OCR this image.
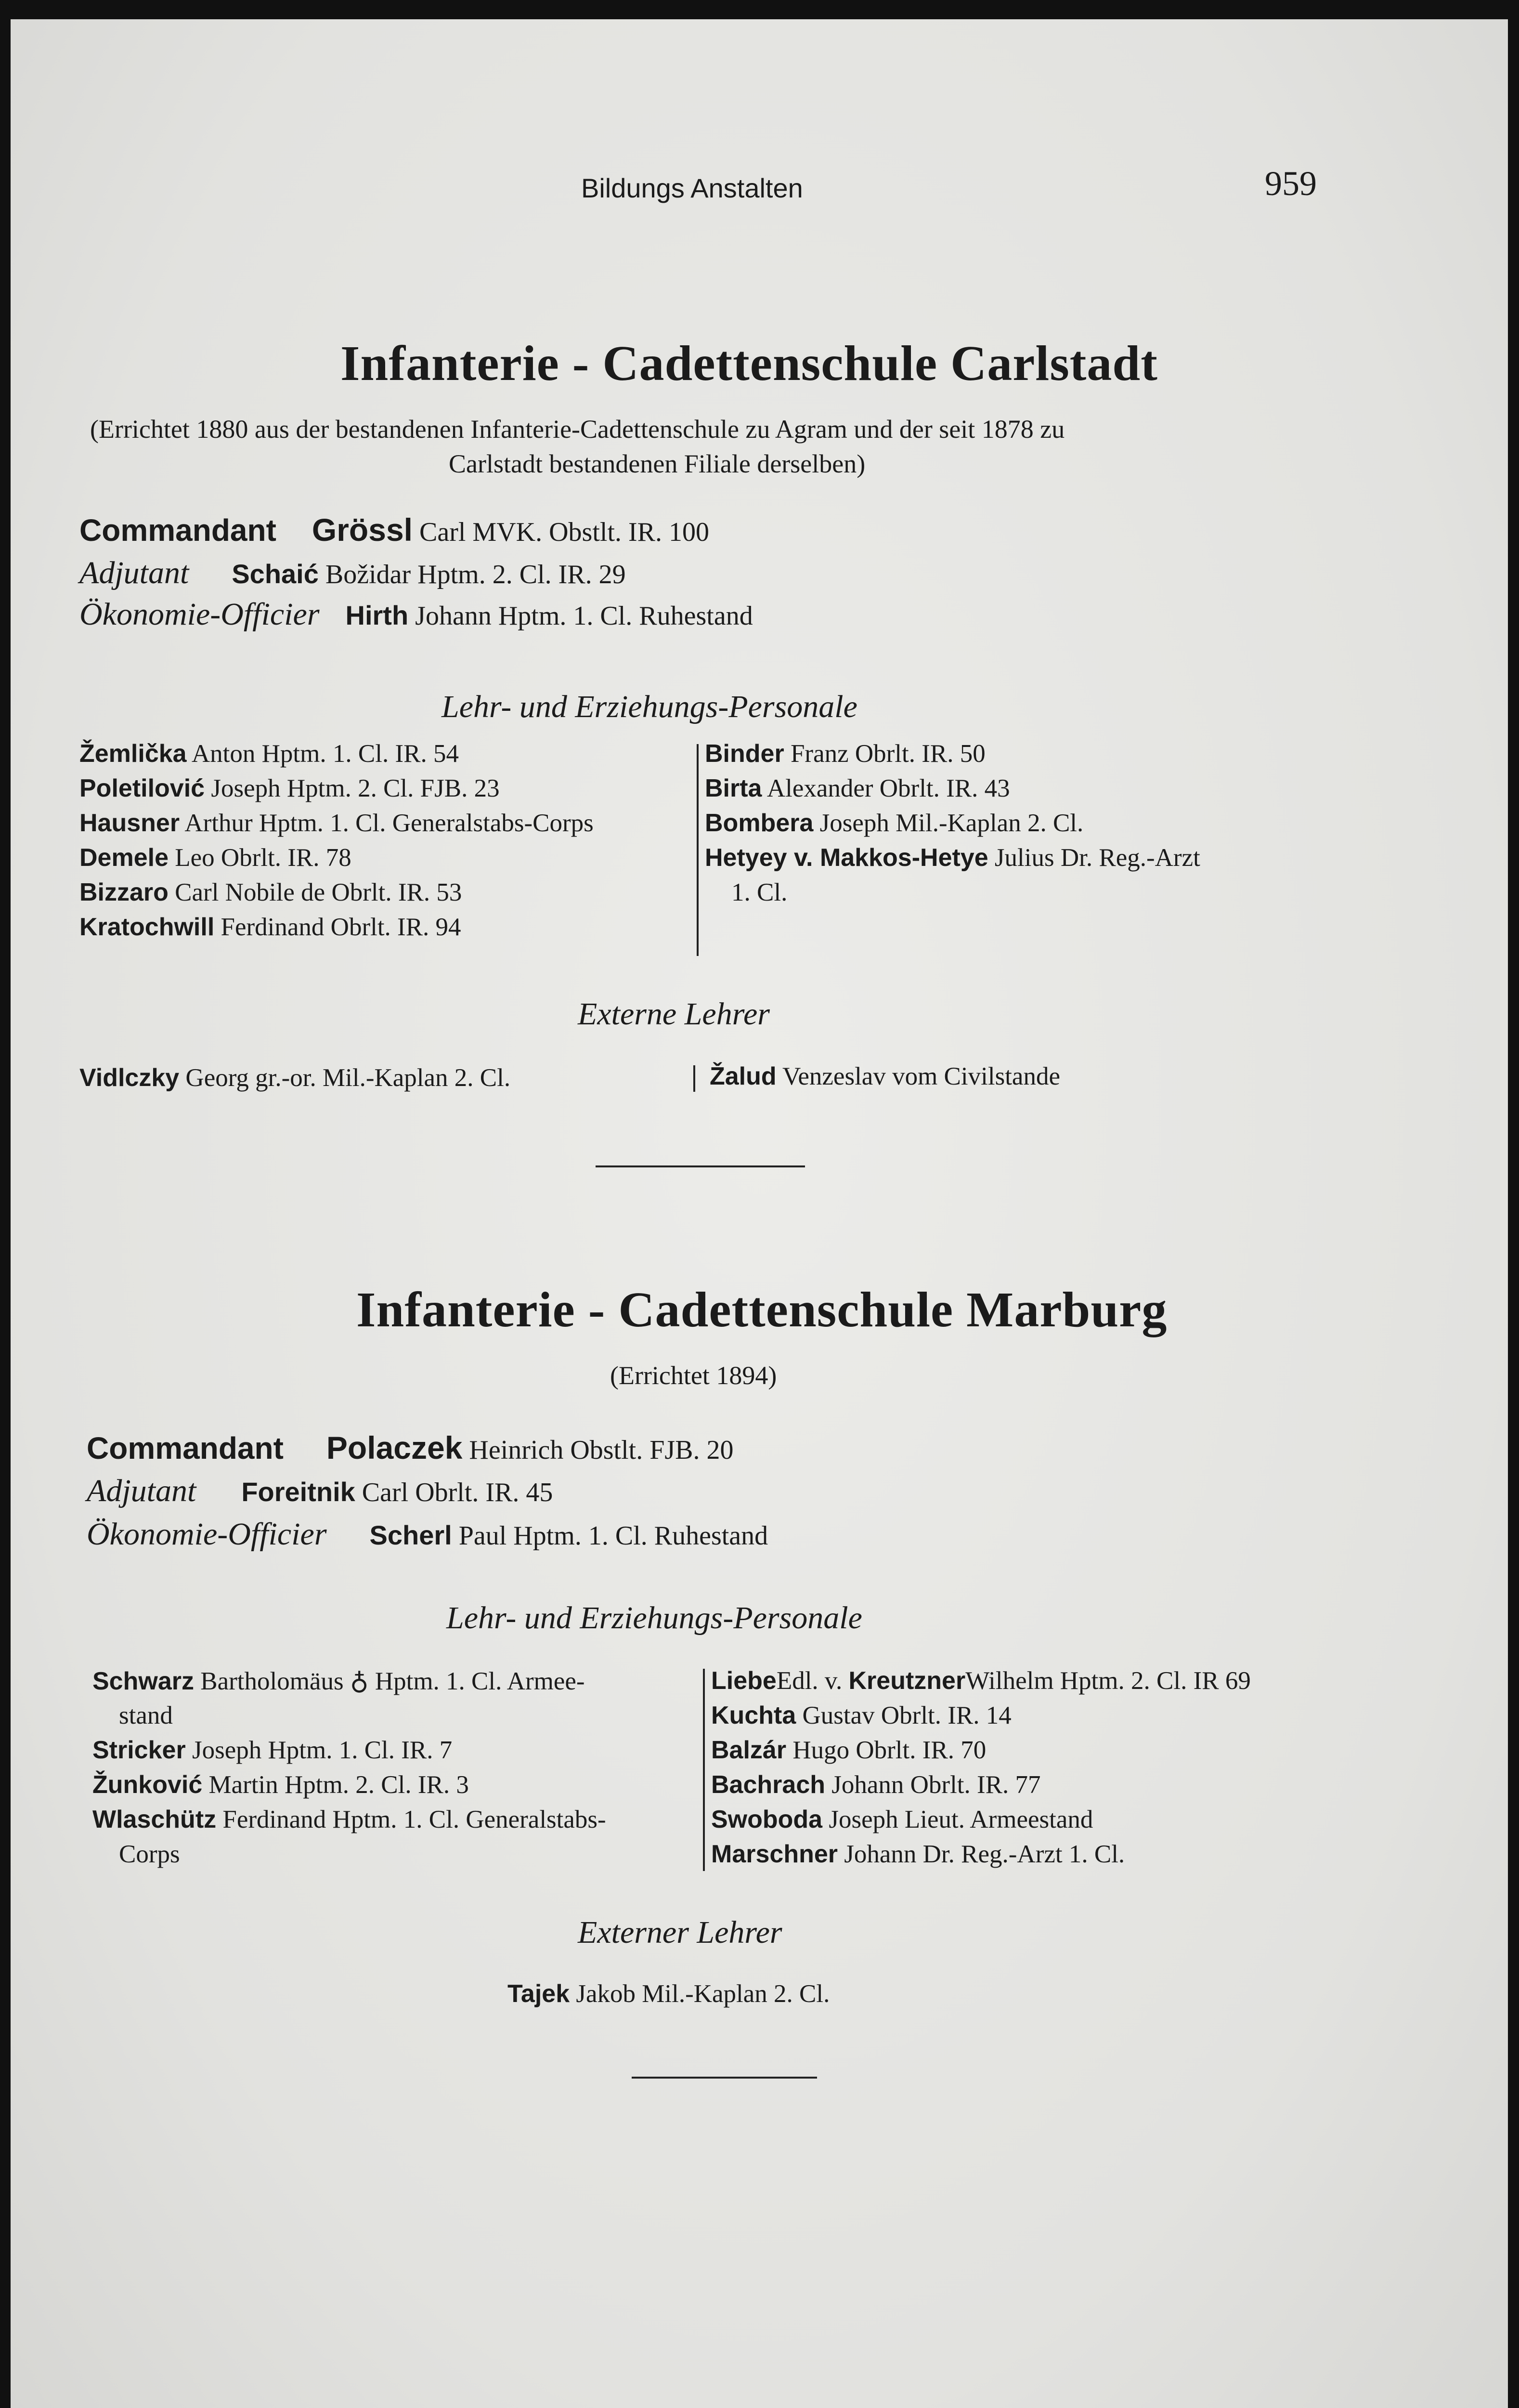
Bildungs Anstalten	959
Infanterie - Cadettenschule Carlstadt
(Errichtet 1880 aus der bestandenen Infanterie-Cadettenschule zu Agram und der seit 1878 zu
Carlstadt bestandenen Filiale derselben)
Commandant Grössl Carl MVK. Obstlt. IR. 100
Adjutant Schaić Božidar Hptm. 2. Cl. IR. 29
Ökonomie-Officier Hirth Johann Hptm. 1. Cl. Ruhestand
Lehr- und Erziehungs-Personale
Žemlička Anton Hptm. 1. Cl. IR. 54
Poletilović Joseph Hptm. 2. Cl. FJB. 23
Hausner Arthur Hptm. 1. Cl. Generalstabs-Corps
Demele Leo Obrlt. IR. 78
Bizzaro Carl Nobile de Obrlt. IR. 53
Kratochwill Ferdinand Obrlt. IR. 94
Binder Franz Obrlt. IR. 50
Birta Alexander Obrlt. IR. 43
Bombera Joseph Mil.-Kaplan 2. Cl.
Hetyey v. Makkos-Hetye Julius Dr. Reg.-Arzt
1. Cl.
Externe Lehrer
Vidlczky Georg gr.-or. Mil.-Kaplan 2. Cl.	Žalud Venzeslav vom Civilstande
Infanterie - Cadettenschule Marburg
(Errichtet 1894)
Commandant Polaczek Heinrich Obstlt. FJB. 20
Adjutant Foreitnik Carl Obrlt. IR. 45
Ökonomie-Officier Scherl Paul Hptm. 1. Cl. Ruhestand
Lehr- und Erziehungs-Personale
Schwarz Bartholomäus ♁ Hptm. 1. Cl. Armee-
stand
Stricker Joseph Hptm. 1. Cl. IR. 7
Žunković Martin Hptm. 2. Cl. IR. 3
Wlaschütz Ferdinand Hptm. 1. Cl. Generalstabs-
Corps
LiebeEdl. v. KreutznerWilhelm Hptm. 2. Cl. IR 69
Kuchta Gustav Obrlt. IR. 14
Balzár Hugo Obrlt. IR. 70
Bachrach Johann Obrlt. IR. 77
Swoboda Joseph Lieut. Armeestand
Marschner Johann Dr. Reg.-Arzt 1. Cl.
Externer Lehrer
Tajek Jakob Mil.-Kaplan 2. Cl.
